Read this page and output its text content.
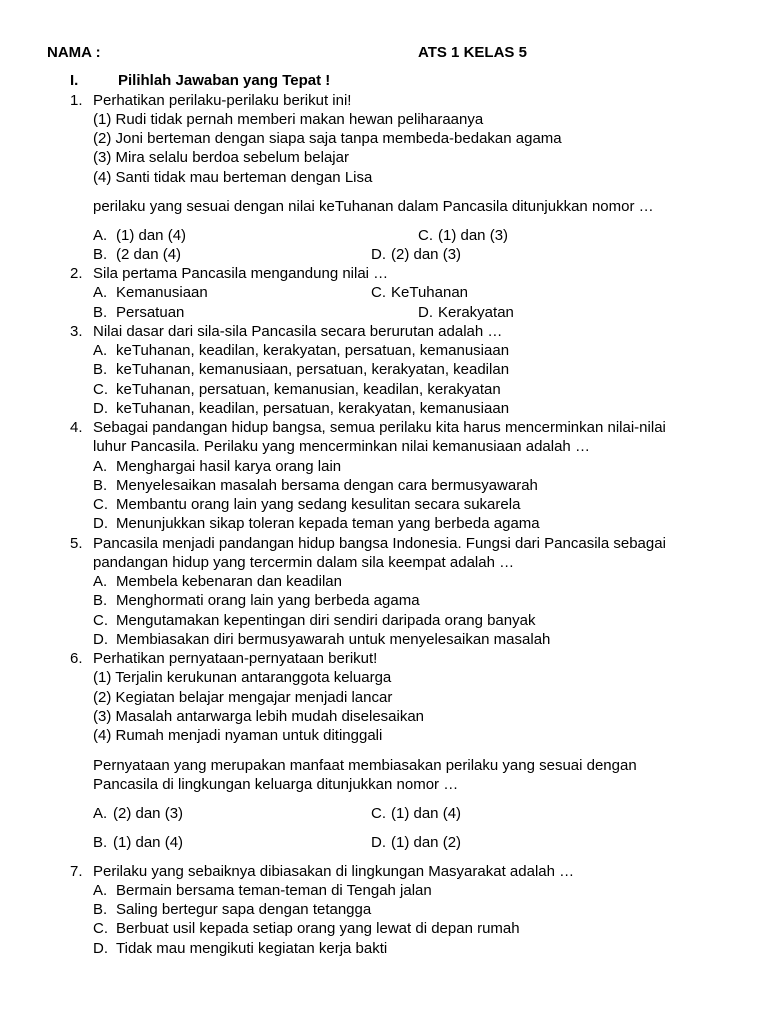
NAMA :	ATS 1 KELAS 5
I.	Pilihlah Jawaban yang Tepat !
1. Perhatikan perilaku-perilaku berikut ini!
(1) Rudi tidak pernah memberi makan hewan peliharaanya
(2) Joni berteman dengan siapa saja tanpa membeda-bedakan agama
(3) Mira selalu berdoa sebelum belajar
(4) Santi tidak mau berteman dengan Lisa
perilaku yang sesuai dengan nilai keTuhanan dalam Pancasila ditunjukkan nomor …
A. (1) dan (4)	C. (1) dan (3)
B. (2 dan (4)	D. (2) dan (3)
2. Sila pertama Pancasila mengandung nilai …
A. Kemanusiaan	C. KeTuhanan
B. Persatuan	D. Kerakyatan
3. Nilai dasar dari sila-sila Pancasila secara berurutan adalah …
A. keTuhanan, keadilan, kerakyatan, persatuan, kemanusiaan
B. keTuhanan, kemanusiaan, persatuan, kerakyatan, keadilan
C. keTuhanan, persatuan, kemanusian, keadilan, kerakyatan
D. keTuhanan, keadilan, persatuan, kerakyatan, kemanusiaan
4. Sebagai pandangan hidup bangsa, semua perilaku kita harus mencerminkan nilai-nilai
luhur Pancasila. Perilaku yang mencerminkan nilai kemanusiaan adalah …
A. Menghargai hasil karya orang lain
B. Menyelesaikan masalah bersama dengan cara bermusyawarah
C. Membantu orang lain yang sedang kesulitan secara sukarela
D. Menunjukkan sikap toleran kepada teman yang berbeda agama
5. Pancasila menjadi pandangan hidup bangsa Indonesia. Fungsi dari Pancasila sebagai
pandangan hidup yang tercermin dalam sila keempat adalah …
A. Membela kebenaran dan keadilan
B. Menghormati orang lain yang berbeda agama
C. Mengutamakan kepentingan diri sendiri daripada orang banyak
D. Membiasakan diri bermusyawarah untuk menyelesaikan masalah
6. Perhatikan pernyataan-pernyataan berikut!
(1) Terjalin kerukunan antaranggota keluarga
(2) Kegiatan belajar mengajar menjadi lancar
(3) Masalah antarwarga lebih mudah diselesaikan
(4) Rumah menjadi nyaman untuk ditinggali
Pernyataan yang merupakan manfaat membiasakan perilaku yang sesuai dengan
Pancasila di lingkungan keluarga ditunjukkan nomor …
A. (2) dan (3)	C. (1) dan (4)
B. (1) dan (4)	D. (1) dan (2)
7. Perilaku yang sebaiknya dibiasakan di lingkungan Masyarakat adalah …
A. Bermain bersama teman-teman di Tengah jalan
B. Saling bertegur sapa dengan tetangga
C. Berbuat usil kepada setiap orang yang lewat di depan rumah
D. Tidak mau mengikuti kegiatan kerja bakti
